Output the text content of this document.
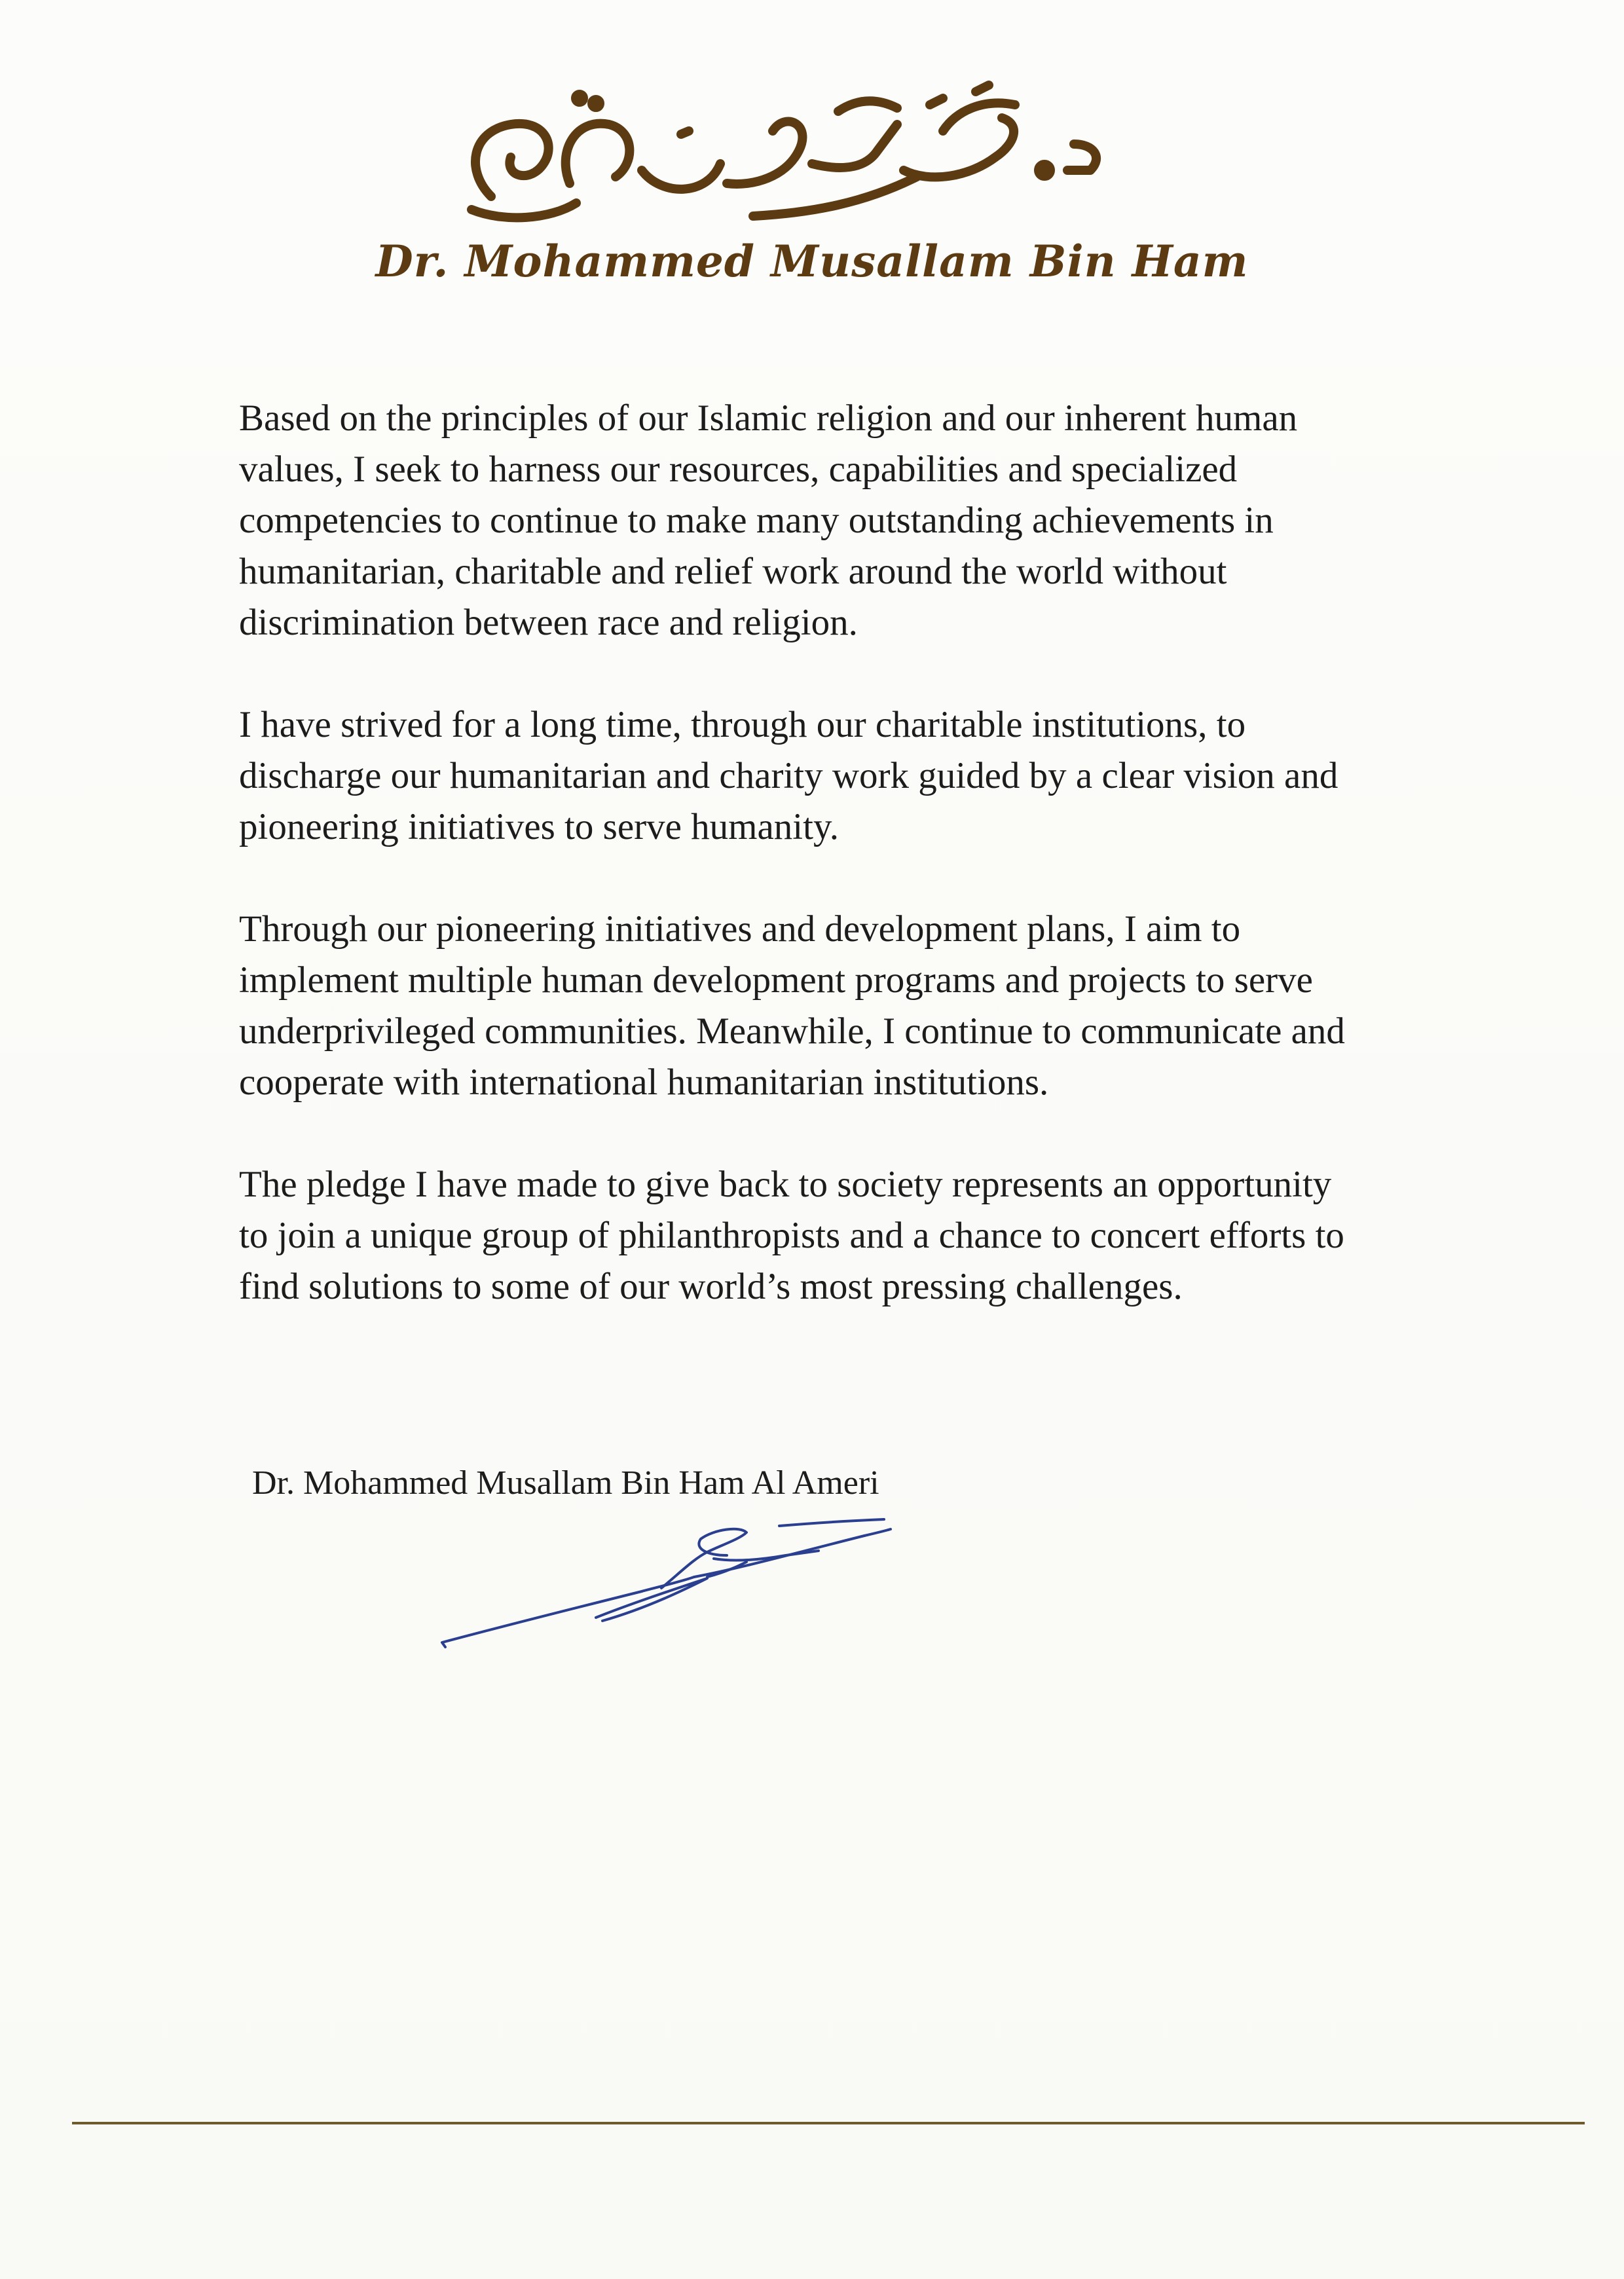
Dr. Mohammed Musallam Bin Ham

Based on the principles of our Islamic religion and our inherent human
values, I seek to harness our resources, capabilities and specialized
competencies to continue to make many outstanding achievements in
humanitarian, charitable and relief work around the world without
discrimination between race and religion.

I have strived for a long time, through our charitable institutions, to
discharge our humanitarian and charity work guided by a clear vision and
pioneering initiatives to serve humanity.

Through our pioneering initiatives and development plans, I aim to
implement multiple human development programs and projects to serve
underprivileged communities. Meanwhile, I continue to communicate and
cooperate with international humanitarian institutions.

The pledge I have made to give back to society represents an opportunity
to join a unique group of philanthropists and a chance to concert efforts to
find solutions to some of our world’s most pressing challenges.

Dr. Mohammed Musallam Bin Ham Al Ameri
